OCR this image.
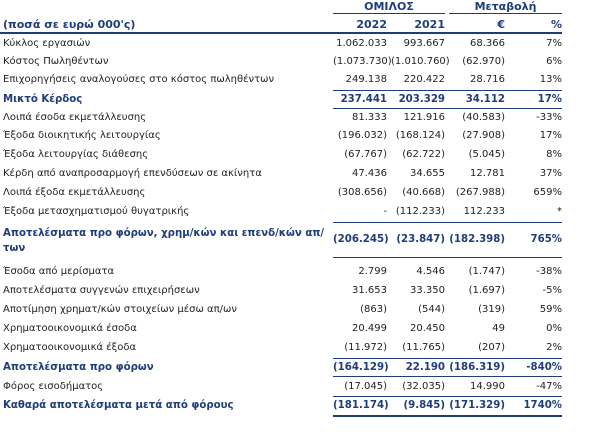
ΟΜΙΛΟΣ	Μεταβολή
(ποσά σε ευρώ 000'ς)	2022	2021	€	%
Κύκλος εργασιών	1.062.033	993.667	68.366	7%
Κόστος Πωληθέντων	(1.073.730) (1.010.760)	(62.970)	6%
Επιχορηγήσεις αναλογούσες στο κόστος πωληθέντων	249.138	220.422	28.716	13%
Μικτό Κέρδος	237.441	203.329	34.112	17%
Λοιπά έσοδα εκμετάλλευσης	81.333	121.916	(40.583)	-33%
Έξοδα διοικητικής λειτουργίας	(196.032) (168.124)	(27.908)	17%
Έξοδα λειτουργίας διάθεσης	(67.767)	(62.722)	(5.045)	8%
Κέρδη από αναπροσαρμογή επενδύσεων σε ακίνητα	47.436	34.655	12.781	37%
Λοιπά έξοδα εκμετάλλευσης	(308.656)	(40.668)	(267.988)	659%
Έξοδα μετασχηματισμού θυγατρικής	- (112.233)	112.233	*
Αποτελέσματα προ φόρων, χρημ/κών και επενδ/κών απ/των
(206.245) (23.847) (182.398)	765%
Έσοδα από μερίσματα	2.799	4.546	(1.747)	-38%
Αποτελέσματα συγγενών επιχειρήσεων	31.653	33.350	(1.697)	-5%
Αποτίμηση χρηματ/κών στοιχείων μέσω απ/ων	(863)	(544)	(319)	59%
Χρηματοοικονομικά έσοδα	20.499	20.450	49	0%
Χρηματοοικονομικά έξοδα	(11.972)	(11.765)	(207)	2%
Αποτελέσματα προ φόρων	(164.129)	22.190 (186.319)	-840%
Φόρος εισοδήματος	(17.045)	(32.035)	14.990	-47%
Καθαρά αποτελέσματα μετά από φόρους	(181.174)	(9.845) (171.329)	1740%
